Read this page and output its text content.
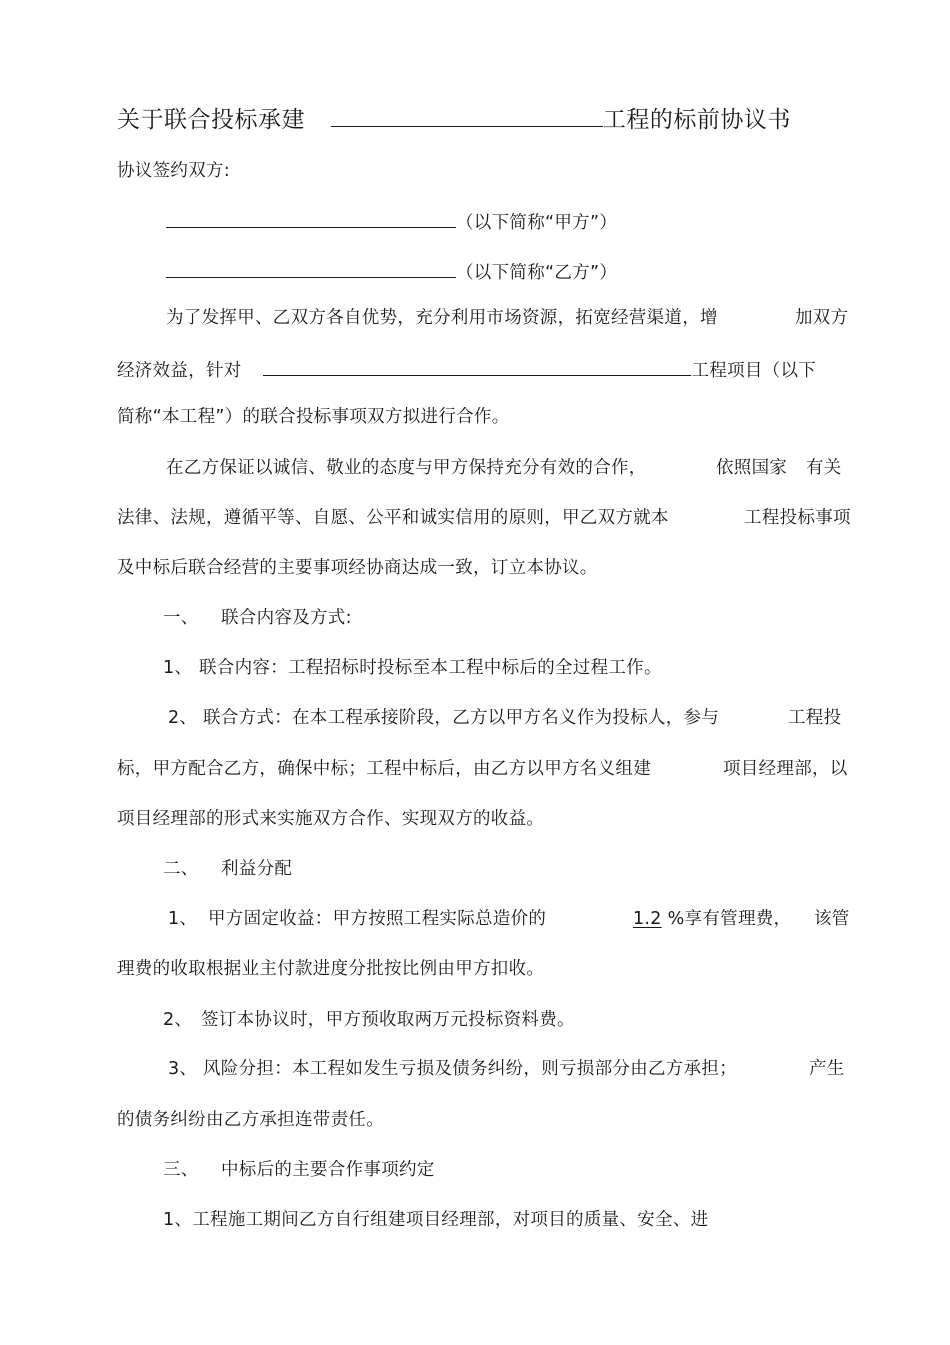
关于联合投标承建	工程的标前协议书
协议签约双方:
（以下简称“甲方”）
（以下简称“乙方”）
为了发挥甲、乙双方各自优势，充分利用市场资源，拓宽经营渠道，增	加双方
经济效益，针对	工程项目（以下
简称“本工程”）的联合投标事项双方拟进行合作。
在乙方保证以诚信、敬业的态度与甲方保持充分有效的合作，	依照国家 有关
法律、法规，遵循平等、自愿、公平和诚实信用的原则，甲乙双方就本	工程投标事项
及中标后联合经营的主要事项经协商达成一致，订立本协议。
一、 联合内容及方式:
1、 联合内容：工程招标时投标至本工程中标后的全过程工作。
2、 联合方式：在本工程承接阶段，乙方以甲方名义作为投标人，参与	工程投
标，甲方配合乙方，确保中标；工程中标后，由乙方以甲方名义组建	项目经理部，以
项目经理部的形式来实施双方合作、实现双方的收益。
二、 利益分配
1、 甲方固定收益：甲方按照工程实际总造价的	1.2 %享有管理费， 该管
理费的收取根据业主付款进度分批按比例由甲方扣收。
2、 签订本协议时，甲方预收取两万元投标资料费。
3、 风险分担：本工程如发生亏损及债务纠纷，则亏损部分由乙方承担；	产生
的债务纠纷由乙方承担连带责任。
三、 中标后的主要合作事项约定
1、工程施工期间乙方自行组建项目经理部，对项目的质量、安全、进
